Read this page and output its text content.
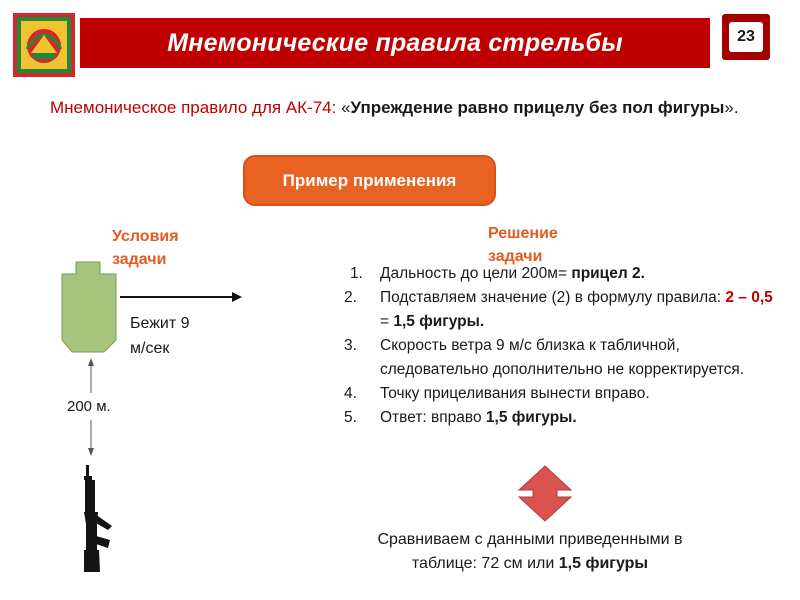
Мнемонические правила стрельбы	23
Мнемоническое правило для АК-74: «Упреждение равно прицелу без пол фигуры».
Пример применения
Условия
задачи
Решение
задачи
Бежит 9
м/сек
200 м.
1.	Дальность до цели 200м= прицел 2.
2.	Подставляем значение (2) в формулу правила: 2 – 0,5 = 1,5 фигуры.
3.	Скорость ветра 9 м/с близка к табличной, следовательно дополнительно не корректируется.
4.	Точку прицеливания вынести вправо.
5.	Ответ: вправо 1,5 фигуры.
Сравниваем с данными приведенными в
таблице: 72 см или 1,5 фигуры
